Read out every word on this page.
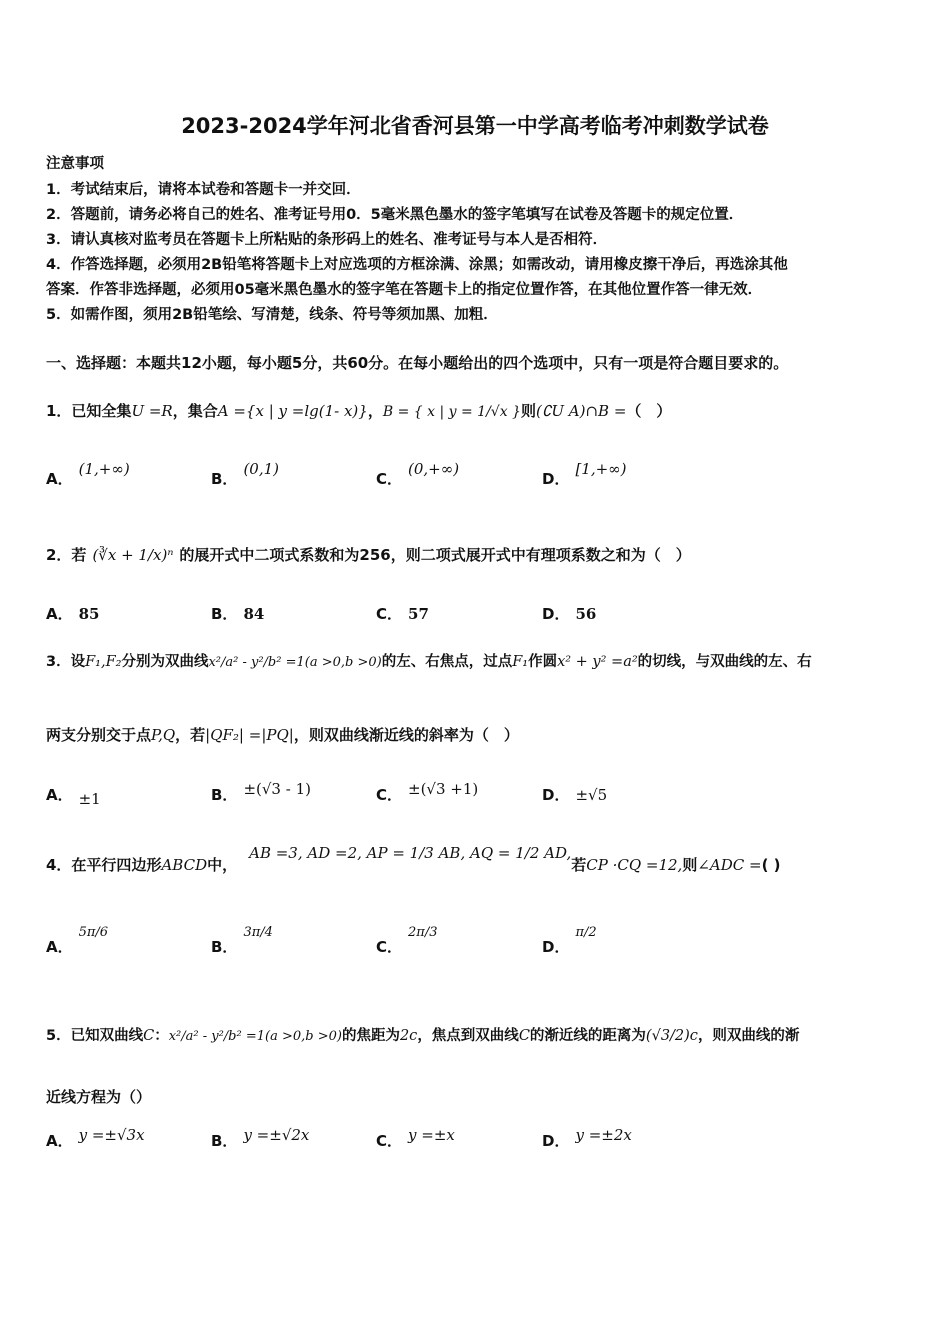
2023-2024学年河北省香河县第一中学高考临考冲刺数学试卷
注意事项
1．考试结束后，请将本试卷和答题卡一并交回．
2．答题前，请务必将自己的姓名、准考证号用0．5毫米黑色墨水的签字笔填写在试卷及答题卡的规定位置．
3．请认真核对监考员在答题卡上所粘贴的条形码上的姓名、准考证号与本人是否相符．
4．作答选择题，必须用2B铅笔将答题卡上对应选项的方框涂满、涂黑；如需改动，请用橡皮擦干净后，再选涂其他
答案．作答非选择题，必须用05毫米黑色墨水的签字笔在答题卡上的指定位置作答，在其他位置作答一律无效．
5．如需作图，须用2B铅笔绘、写清楚，线条、符号等须加黑、加粗．
一、选择题：本题共12小题，每小题5分，共60分。在每小题给出的四个选项中，只有一项是符合题目要求的。
1．已知全集U =R，集合A ={x | y =lg(1- x)}，B = { x | y = 1/√x }则(∁U A)∩B =（　）
A．(1,+∞)
B．(0,1)
C．(0,+∞)
D．[1,+∞)
2．若 (∛x + 1/x)ⁿ 的展开式中二项式系数和为256，则二项式展开式中有理项系数之和为（　）
A． 85	B． 84	C． 57	D． 56
3．设F₁,F₂分别为双曲线x²/a² - y²/b² =1(a >0,b >0)的左、右焦点，过点F₁作圆x² + y² =a²的切线，与双曲线的左、右
两支分别交于点P,Q，若|QF₂| =|PQ|，则双曲线渐近线的斜率为（　）
A． ±1	B． ±(√3 - 1)	C． ±(√3 +1)	D． ±√5
4．在平行四边形ABCD中，AB =3, AD =2, AP = 1/3 AB, AQ = 1/2 AD,若CP ·CQ =12,则∠ADC =( )
A．5π/6
B．3π/4
C．2π/3
D．π/2
5．已知双曲线C：x²/a² - y²/b² =1(a >0,b >0)的焦距为2c，焦点到双曲线C的渐近线的距离为(√3/2)c，则双曲线的渐
近线方程为（）
A． y =±√3x	B． y =±√2x	C． y =±x	D． y =±2x
